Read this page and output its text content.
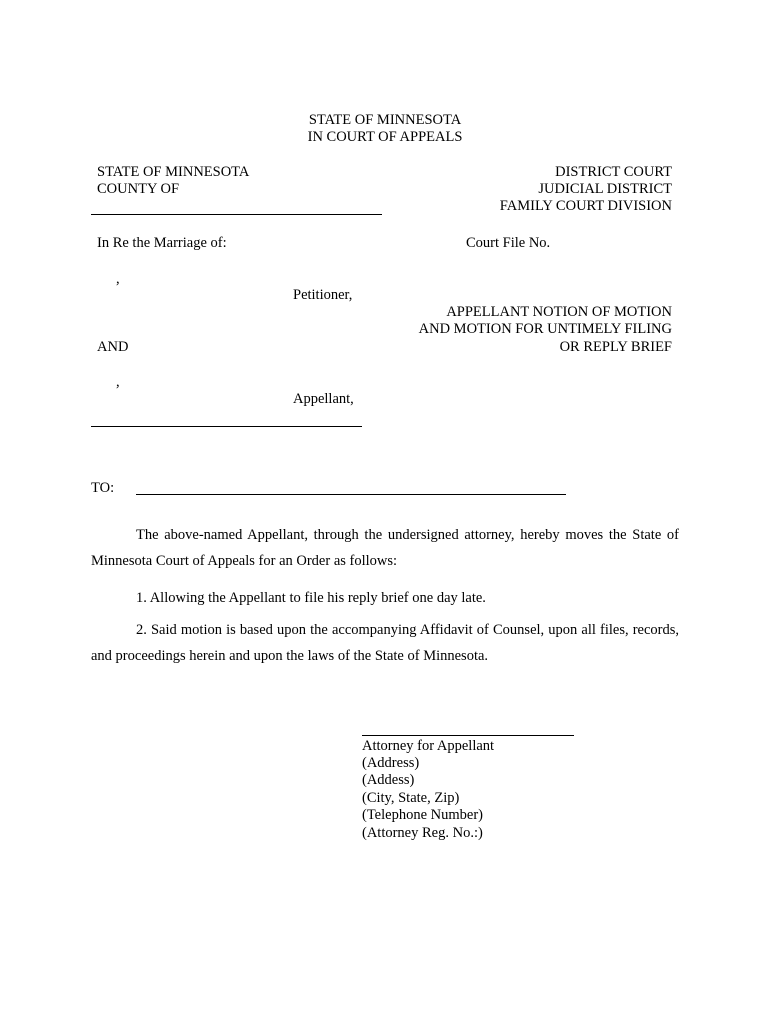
STATE OF MINNESOTA
IN COURT OF APPEALS
STATE OF MINNESOTA
COUNTY OF
DISTRICT COURT
JUDICIAL DISTRICT
FAMILY COURT DIVISION
In Re the Marriage of:	Court File No.
,
Petitioner,
APPELLANT NOTION OF MOTION
AND MOTION FOR UNTIMELY FILING
OR REPLY BRIEF
AND
,
Appellant,
TO:
The above-named Appellant, through the undersigned attorney, hereby moves the State of Minnesota Court of Appeals for an Order as follows:
1. Allowing the Appellant to file his reply brief one day late.
2. Said motion is based upon the accompanying Affidavit of Counsel, upon all files, records, and proceedings herein and upon the laws of the State of Minnesota.
Attorney for Appellant
(Address)
(Addess)
(City, State, Zip)
(Telephone Number)
(Attorney Reg. No.:)
